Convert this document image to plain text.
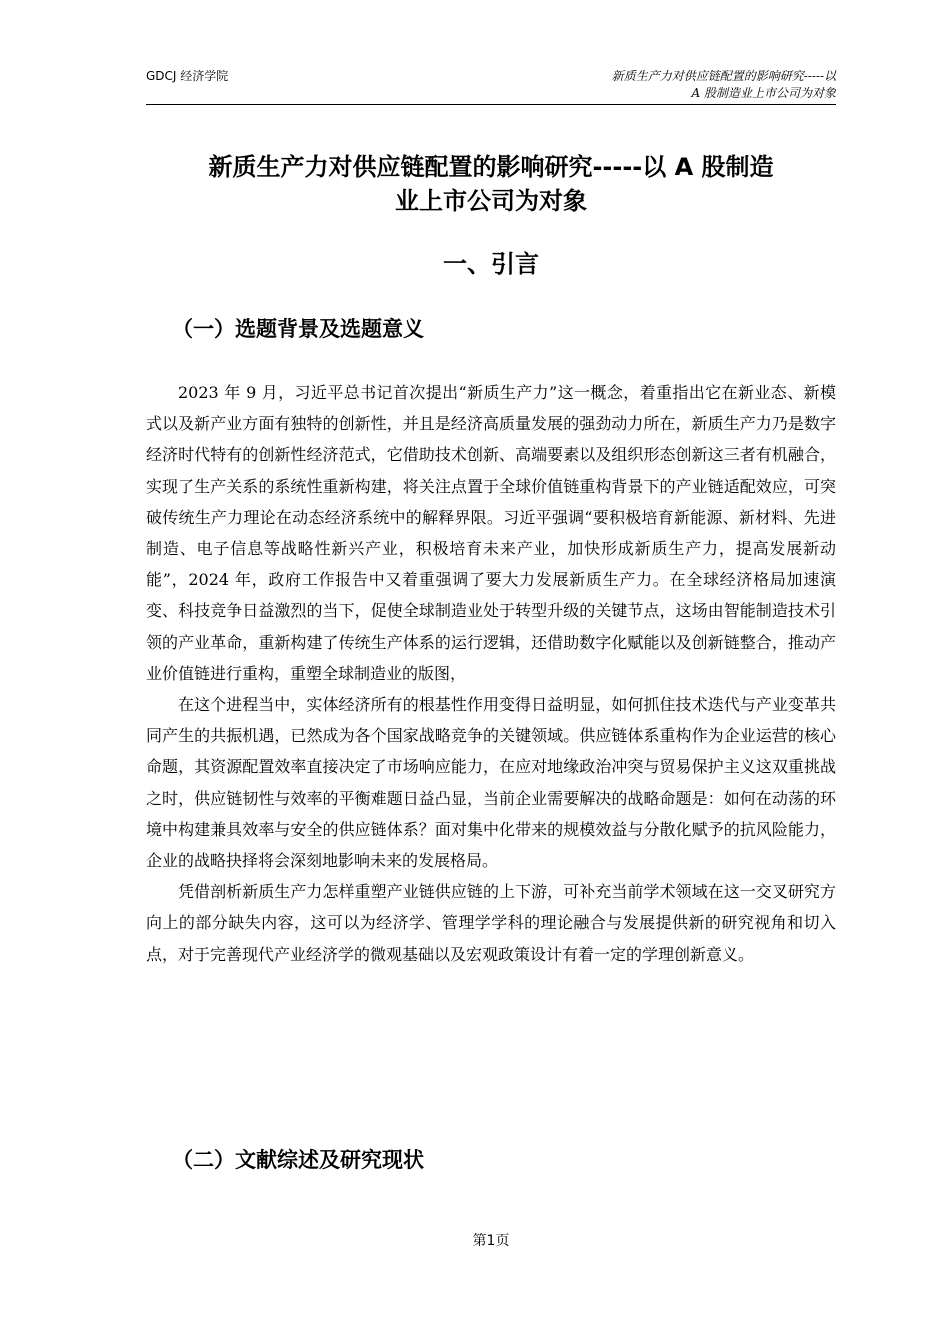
GDCJ 经济学院	新质生产力对供应链配置的影响研究-----以
A 股制造业上市公司为对象
新质生产力对供应链配置的影响研究-----以 A 股制造
业上市公司为对象
一、引言
（一）选题背景及选题意义

2023 年 9 月，习近平总书记首次提出“新质生产力”这一概念，着重指出它在新业态、新模式以及新产业方面有独特的创新性，并且是经济高质量发展的强劲动力所在，新质生产力乃是数字经济时代特有的创新性经济范式，它借助技术创新、高端要素以及组织形态创新这三者有机融合，实现了生产关系的系统性重新构建，将关注点置于全球价值链重构背景下的产业链适配效应，可突破传统生产力理论在动态经济系统中的解释界限。习近平强调“要积极培育新能源、新材料、先进制造、电子信息等战略性新兴产业，积极培育未来产业，加快形成新质生产力，提高发展新动能”，2024 年，政府工作报告中又着重强调了要大力发展新质生产力。在全球经济格局加速演变、科技竞争日益激烈的当下，促使全球制造业处于转型升级的关键节点，这场由智能制造技术引领的产业革命，重新构建了传统生产体系的运行逻辑，还借助数字化赋能以及创新链整合，推动产业价值链进行重构，重塑全球制造业的版图，

在这个进程当中，实体经济所有的根基性作用变得日益明显，如何抓住技术迭代与产业变革共同产生的共振机遇，已然成为各个国家战略竞争的关键领域。供应链体系重构作为企业运营的核心命题，其资源配置效率直接决定了市场响应能力，在应对地缘政治冲突与贸易保护主义这双重挑战之时，供应链韧性与效率的平衡难题日益凸显，当前企业需要解决的战略命题是：如何在动荡的环境中构建兼具效率与安全的供应链体系？面对集中化带来的规模效益与分散化赋予的抗风险能力，企业的战略抉择将会深刻地影响未来的发展格局。

凭借剖析新质生产力怎样重塑产业链供应链的上下游，可补充当前学术领域在这一交叉研究方向上的部分缺失内容，这可以为经济学、管理学学科的理论融合与发展提供新的研究视角和切入点，对于完善现代产业经济学的微观基础以及宏观政策设计有着一定的学理创新意义。

（二）文献综述及研究现状
第1页
